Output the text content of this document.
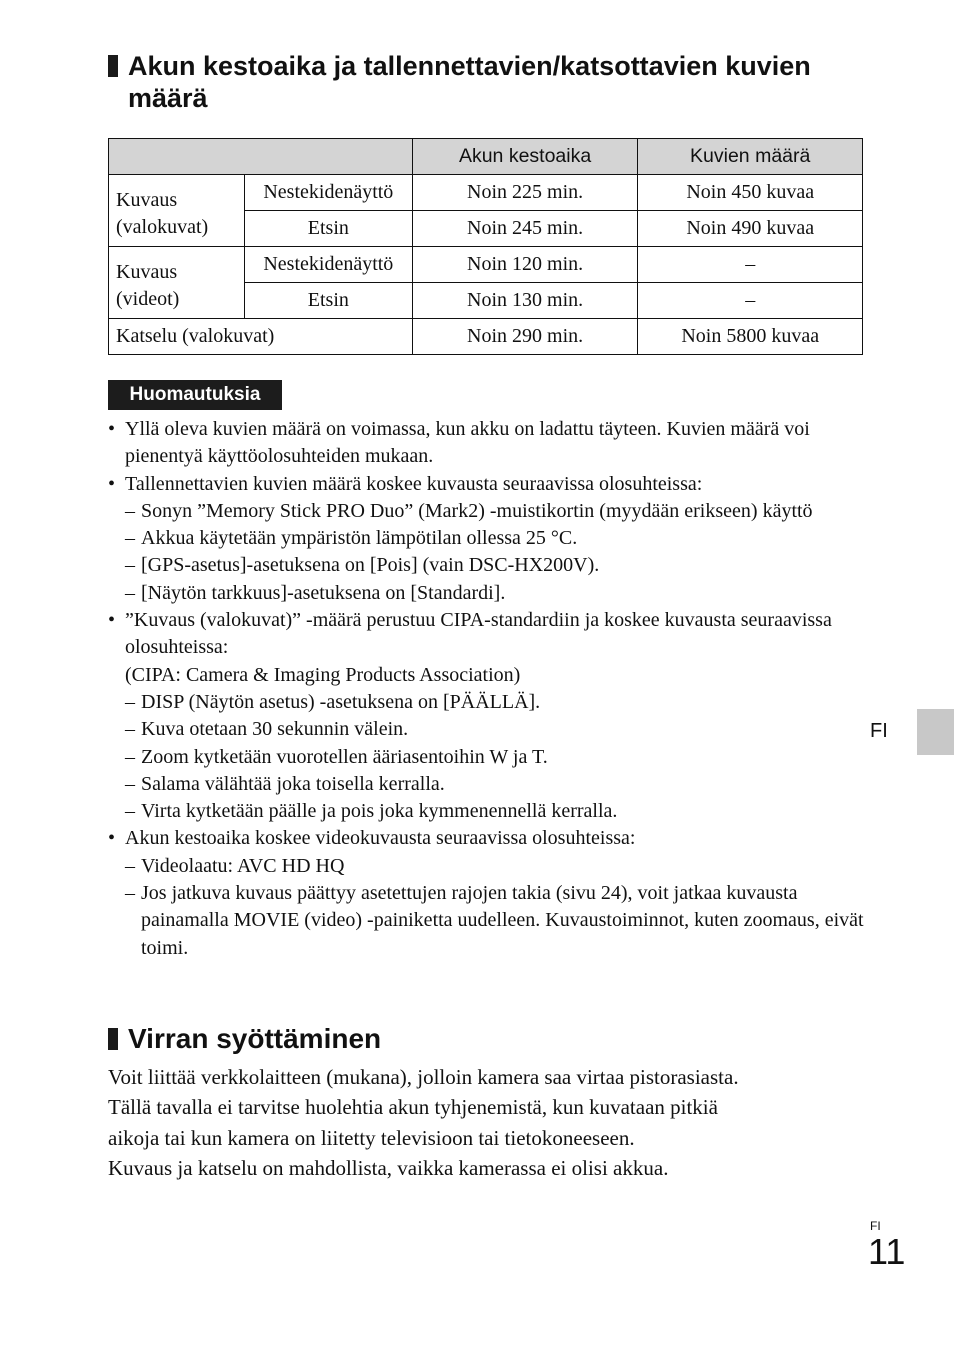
Akun kestoaika ja tallennettavien/katsottavien kuvien määrä
		Akun kestoaika	Kuvien määrä
Kuvaus
(valokuvat)	Nestekidenäyttö	Noin 225 min.	Noin 450 kuvaa
	Etsin	Noin 245 min.	Noin 490 kuvaa
Kuvaus
(videot)	Nestekidenäyttö	Noin 120 min.	–
	Etsin	Noin 130 min.	–
Katselu (valokuvat)		Noin 290 min.	Noin 5800 kuvaa
Huomautuksia
• Yllä oleva kuvien määrä on voimassa, kun akku on ladattu täyteen. Kuvien määrä voi pienentyä käyttöolosuhteiden mukaan.
• Tallennettavien kuvien määrä koskee kuvausta seuraavissa olosuhteissa:
– Sonyn ”Memory Stick PRO Duo” (Mark2) -muistikortin (myydään erikseen) käyttö
– Akkua käytetään ympäristön lämpötilan ollessa 25 °C.
– [GPS-asetus]-asetuksena on [Pois] (vain DSC-HX200V).
– [Näytön tarkkuus]-asetuksena on [Standardi].
• ”Kuvaus (valokuvat)” -määrä perustuu CIPA-standardiin ja koskee kuvausta seuraavissa olosuhteissa:
(CIPA: Camera & Imaging Products Association)
– DISP (Näytön asetus) -asetuksena on [PÄÄLLÄ].
– Kuva otetaan 30 sekunnin välein.
– Zoom kytketään vuorotellen ääriasentoihin W ja T.
– Salama välähtää joka toisella kerralla.
– Virta kytketään päälle ja pois joka kymmenennellä kerralla.
• Akun kestoaika koskee videokuvausta seuraavissa olosuhteissa:
– Videolaatu: AVC HD HQ
– Jos jatkuva kuvaus päättyy asetettujen rajojen takia (sivu 24), voit jatkaa kuvausta painamalla MOVIE (video) -painiketta uudelleen. Kuvaustoiminnot, kuten zoomaus, eivät toimi.
Virran syöttäminen
Voit liittää verkkolaitteen (mukana), jolloin kamera saa virtaa pistorasiasta.
Tällä tavalla ei tarvitse huolehtia akun tyhjenemistä, kun kuvataan pitkiä
aikoja tai kun kamera on liitetty televisioon tai tietokoneeseen.
Kuvaus ja katselu on mahdollista, vaikka kamerassa ei olisi akkua.
FI
FI
11
